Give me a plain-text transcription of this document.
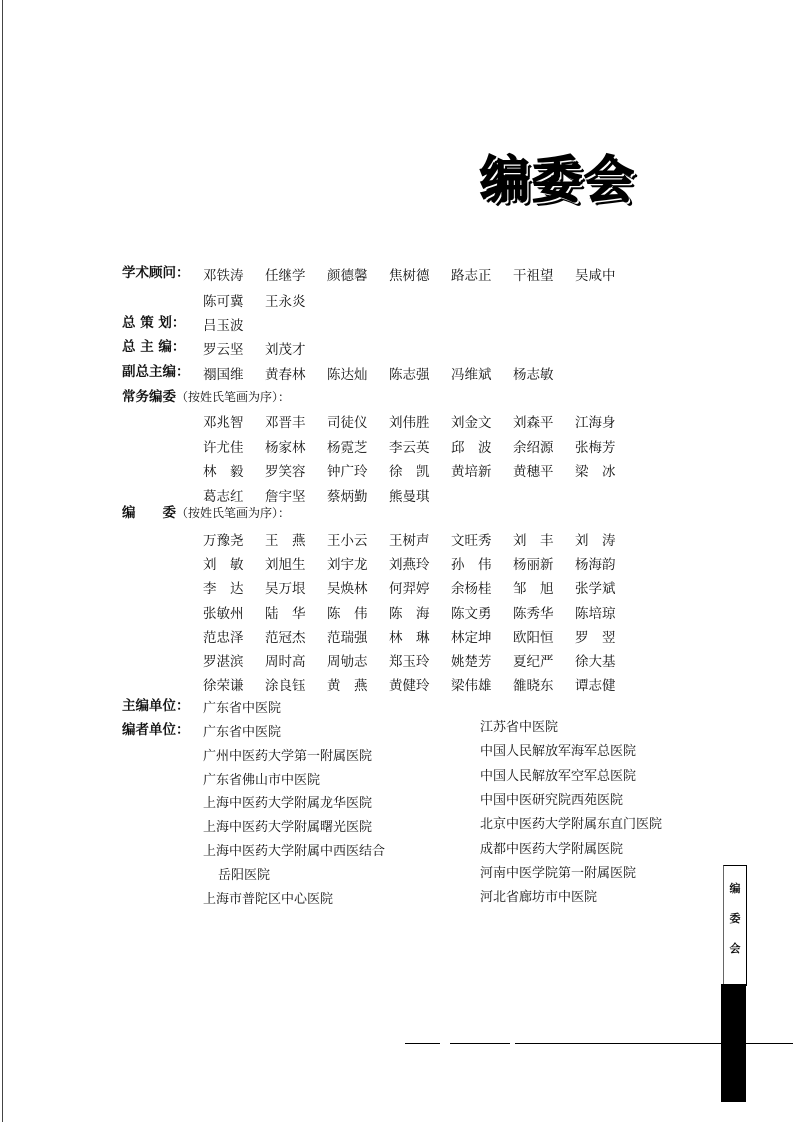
编委会
学术顾问：	邓铁涛 任继学 颜德馨 焦树德 路志正 干祖望 吴咸中
陈可冀 王永炎
总 策 划：	吕玉波
总 主 编：	罗云坚 刘茂才
副总主编：	禤国维 黄春林 陈达灿 陈志强 冯维斌 杨志敏
常务编委（按姓氏笔画为序）：
邓兆智 邓晋丰 司徒仪 刘伟胜 刘金文 刘森平 江海身
许尤佳 杨家林 杨霓芝 李云英 邱　波 余绍源 张梅芳
林　毅 罗笑容 钟广玲 徐　凯 黄培新 黄穗平 梁　冰
葛志红 詹宇坚 蔡炳勤 熊曼琪
编　　委（按姓氏笔画为序）：
万豫尧 王　燕 王小云 王树声 文旺秀 刘　丰 刘　涛
刘　敏 刘旭生 刘宇龙 刘燕玲 孙　伟 杨丽新 杨海韵
李　达 吴万垠 吴焕林 何羿婷 余杨桂 邹　旭 张学斌
张敏州 陆　华 陈　伟 陈　海 陈文勇 陈秀华 陈培琼
范忠泽 范冠杰 范瑞强 林　琳 林定坤 欧阳恒 罗　翌
罗湛滨 周时高 周劬志 郑玉玲 姚楚芳 夏纪严 徐大基
徐荣谦 涂良钰 黄　燕 黄健玲 梁伟雄 雒晓东 谭志健
主编单位：	广东省中医院
编者单位：	广东省中医院
广州中医药大学第一附属医院
广东省佛山市中医院
上海中医药大学附属龙华医院
上海中医药大学附属曙光医院
上海中医药大学附属中西医结合
岳阳医院
上海市普陀区中心医院
江苏省中医院
中国人民解放军海军总医院
中国人民解放军空军总医院
中国中医研究院西苑医院
北京中医药大学附属东直门医院
成都中医药大学附属医院
河南中医学院第一附属医院
河北省廊坊市中医院
编
委
会
